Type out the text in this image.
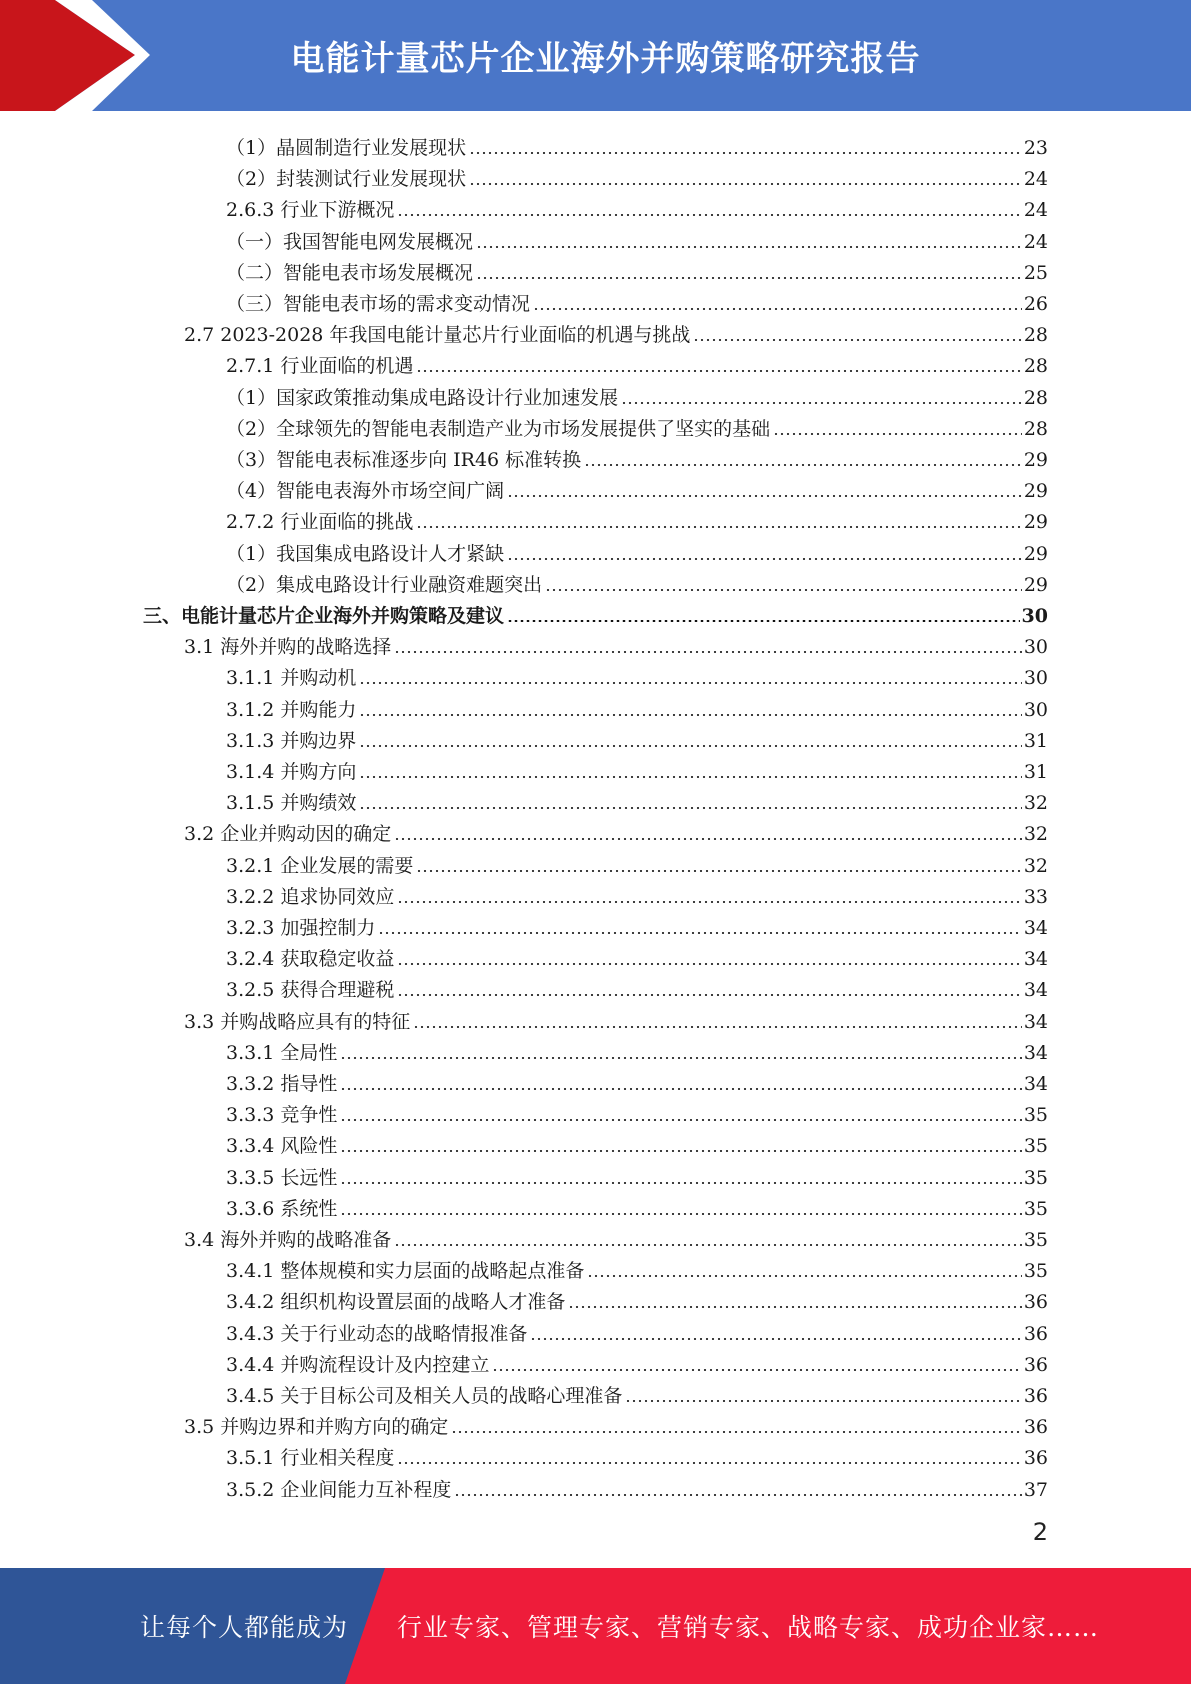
电能计量芯片企业海外并购策略研究报告
（1）晶圆制造行业发展现状	23
（2）封装测试行业发展现状	24
2.6.3 行业下游概况	24
（一）我国智能电网发展概况	24
（二）智能电表市场发展概况	25
（三）智能电表市场的需求变动情况	26
2.7 2023-2028 年我国电能计量芯片行业面临的机遇与挑战	28
2.7.1 行业面临的机遇	28
（1）国家政策推动集成电路设计行业加速发展	28
（2）全球领先的智能电表制造产业为市场发展提供了坚实的基础	28
（3）智能电表标准逐步向 IR46 标准转换	29
（4）智能电表海外市场空间广阔	29
2.7.2 行业面临的挑战	29
（1）我国集成电路设计人才紧缺	29
（2）集成电路设计行业融资难题突出	29
三、电能计量芯片企业海外并购策略及建议	30
3.1 海外并购的战略选择	30
3.1.1 并购动机	30
3.1.2 并购能力	30
3.1.3 并购边界	31
3.1.4 并购方向	31
3.1.5 并购绩效	32
3.2 企业并购动因的确定	32
3.2.1 企业发展的需要	32
3.2.2 追求协同效应	33
3.2.3 加强控制力	34
3.2.4 获取稳定收益	34
3.2.5 获得合理避税	34
3.3 并购战略应具有的特征	34
3.3.1 全局性	34
3.3.2 指导性	34
3.3.3 竞争性	35
3.3.4 风险性	35
3.3.5 长远性	35
3.3.6 系统性	35
3.4 海外并购的战略准备	35
3.4.1 整体规模和实力层面的战略起点准备	35
3.4.2 组织机构设置层面的战略人才准备	36
3.4.3 关于行业动态的战略情报准备	36
3.4.4 并购流程设计及内控建立	36
3.4.5 关于目标公司及相关人员的战略心理准备	36
3.5 并购边界和并购方向的确定	36
3.5.1 行业相关程度	36
3.5.2 企业间能力互补程度	37
2
让每个人都能成为 行业专家、管理专家、营销专家、战略专家、成功企业家……
